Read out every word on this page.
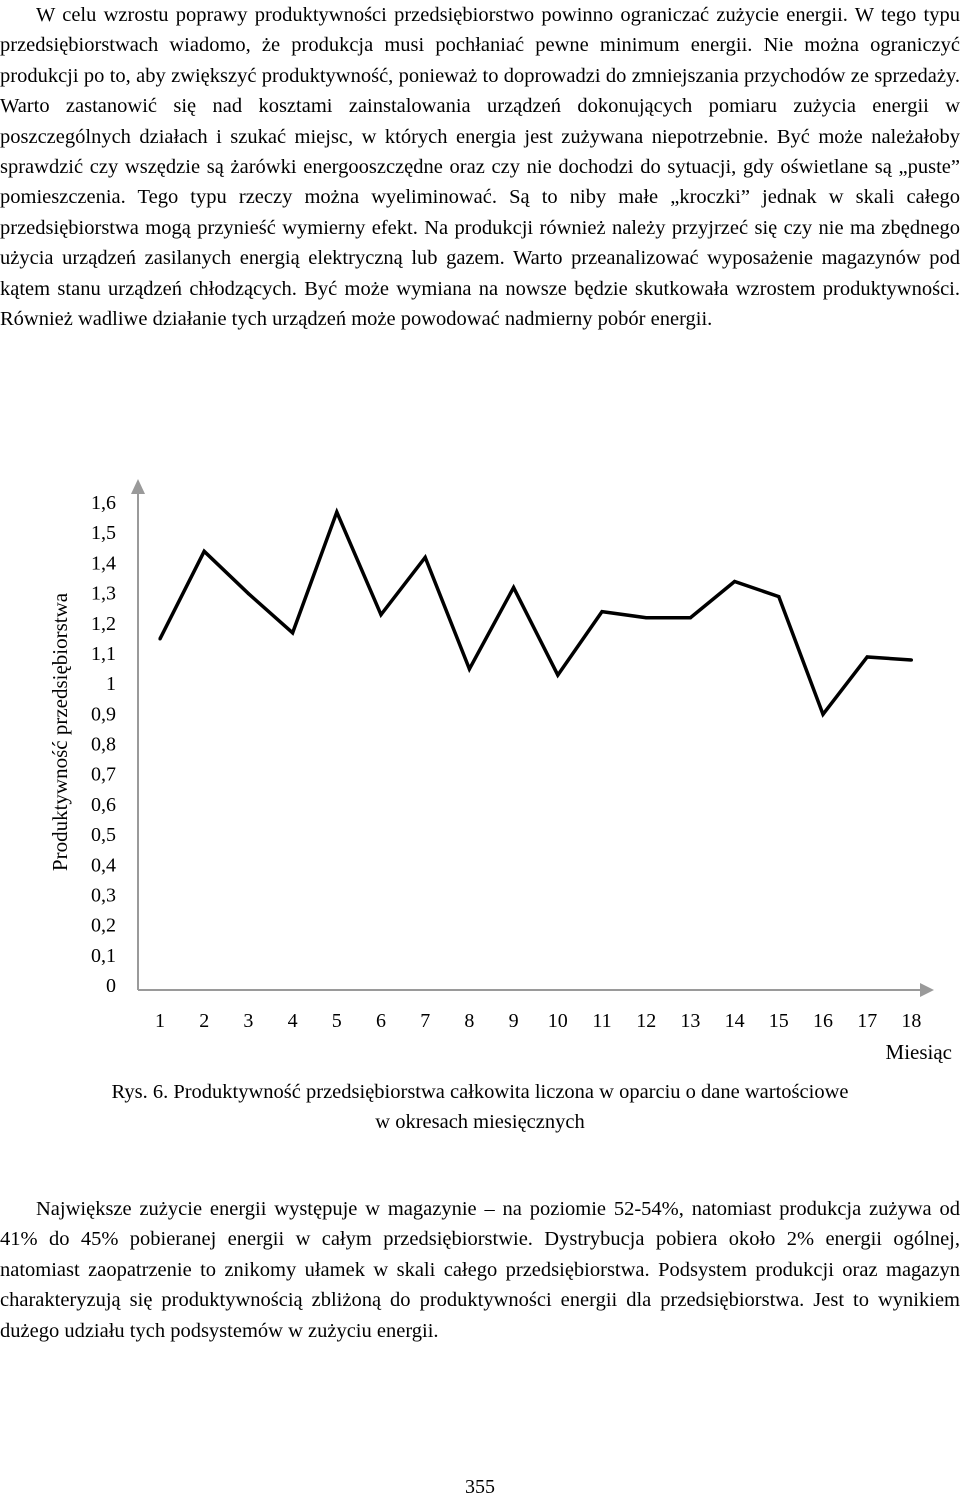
W celu wzrostu poprawy produktywności przedsiębiorstwo powinno ograniczać zużycie energii. W tego typu przedsiębiorstwach wiadomo, że produkcja musi pochłaniać pewne minimum energii. Nie można ograniczyć produkcji po to, aby zwiększyć produktywność, ponieważ to doprowadzi do zmniejszania przychodów ze sprzedaży. Warto zastanowić się nad kosztami zainstalowania urządzeń dokonujących pomiaru zużycia energii w poszczególnych działach i szukać miejsc, w których energia jest zużywana niepotrzebnie. Być może należałoby sprawdzić czy wszędzie są żarówki energooszczędne oraz czy nie dochodzi do sytuacji, gdy oświetlane są „puste” pomieszczenia. Tego typu rzeczy można wyeliminować. Są to niby małe „kroczki” jednak w skali całego przedsiębiorstwa mogą przynieść wymierny efekt. Na produkcji również należy przyjrzeć się czy nie ma zbędnego użycia urządzeń zasilanych energią elektryczną lub gazem. Warto przeanalizować wyposażenie magazynów pod kątem stanu urządzeń chłodzących. Być może wymiana na nowsze będzie skutkowała wzrostem produktywności. Również wadliwe działanie tych urządzeń może powodować nadmierny pobór energii.

Produktywność przedsiębiorstwa
0
0,1
0,2
0,3
0,4
0,5
0,6
0,7
0,8
0,9
1
1,1
1,2
1,3
1,4
1,5
1,6
1 2 3 4 5 6 7 8 9 10 11 12 13 14 15 16 17 18
Miesiąc

Rys. 6. Produktywność przedsiębiorstwa całkowita liczona w oparciu o dane wartościowe
w okresach miesięcznych

Największe zużycie energii występuje w magazynie – na poziomie 52-54%, natomiast produkcja zużywa od 41% do 45% pobieranej energii w całym przedsiębiorstwie. Dystrybucja pobiera około 2% energii ogólnej, natomiast zaopatrzenie to znikomy ułamek w skali całego przedsiębiorstwa. Podsystem produkcji oraz magazyn charakteryzują się produktywnością zbliżoną do produktywności energii dla przedsiębiorstwa. Jest to wynikiem dużego udziału tych podsystemów w zużyciu energii.

355
